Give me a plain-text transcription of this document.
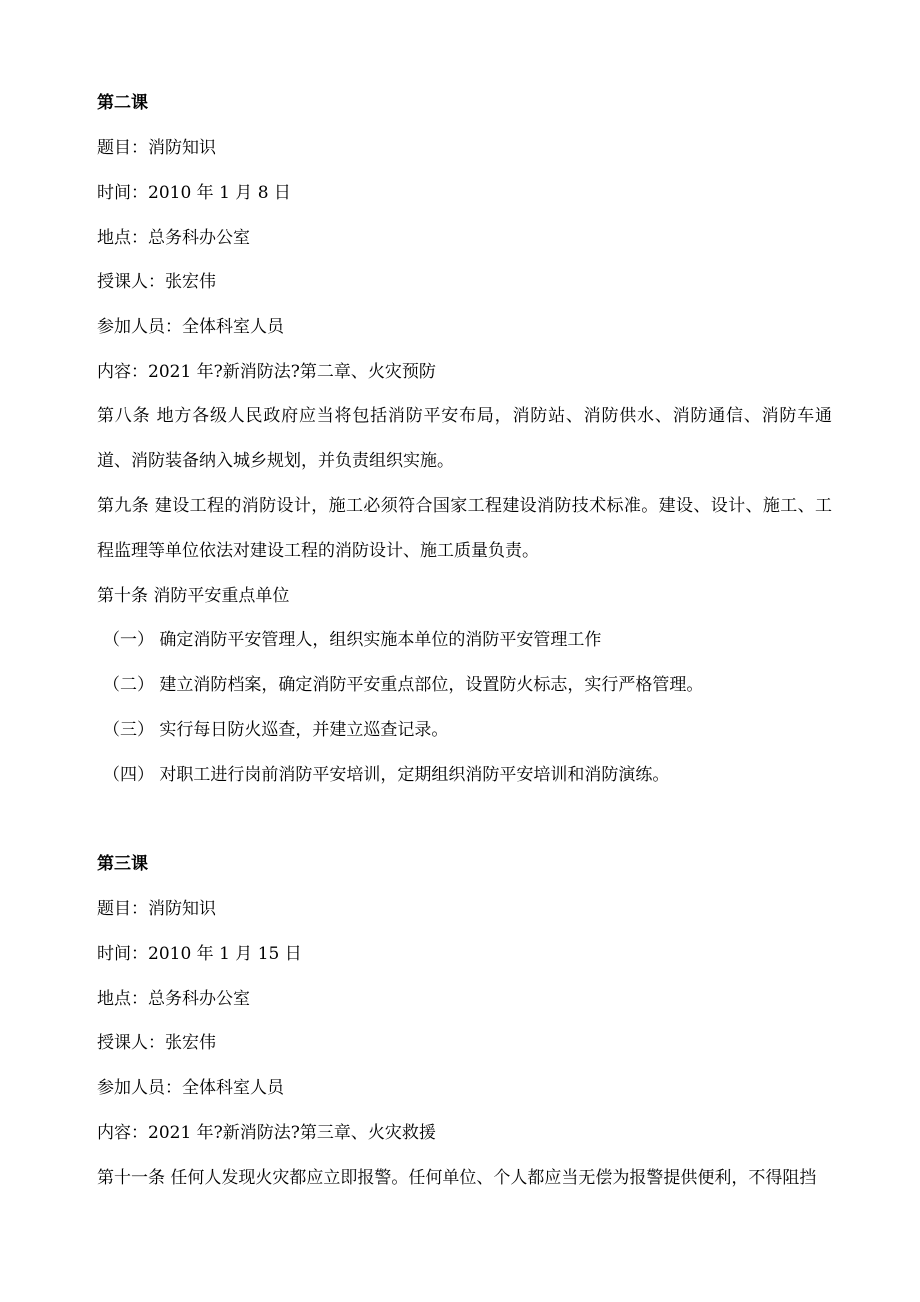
第二课
题目：消防知识
时间：2010 年 1 月 8 日
地点：总务科办公室
授课人：张宏伟
参加人员：全体科室人员
内容：2021 年?新消防法?第二章、火灾预防
第八条 地方各级人民政府应当将包括消防平安布局，消防站、消防供水、消防通信、消防车通道、消防装备纳入城乡规划，并负责组织实施。
第九条 建设工程的消防设计，施工必须符合国家工程建设消防技术标准。建设、设计、施工、工程监理等单位依法对建设工程的消防设计、施工质量负责。
第十条 消防平安重点单位
（一） 确定消防平安管理人，组织实施本单位的消防平安管理工作
（二） 建立消防档案，确定消防平安重点部位，设置防火标志，实行严格管理。
（三） 实行每日防火巡查，并建立巡查记录。
（四） 对职工进行岗前消防平安培训，定期组织消防平安培训和消防演练。
第三课
题目：消防知识
时间：2010 年 1 月 15 日
地点：总务科办公室
授课人：张宏伟
参加人员：全体科室人员
内容：2021 年?新消防法?第三章、火灾救援
第十一条 任何人发现火灾都应立即报警。任何单位、个人都应当无偿为报警提供便利，不得阻挡
